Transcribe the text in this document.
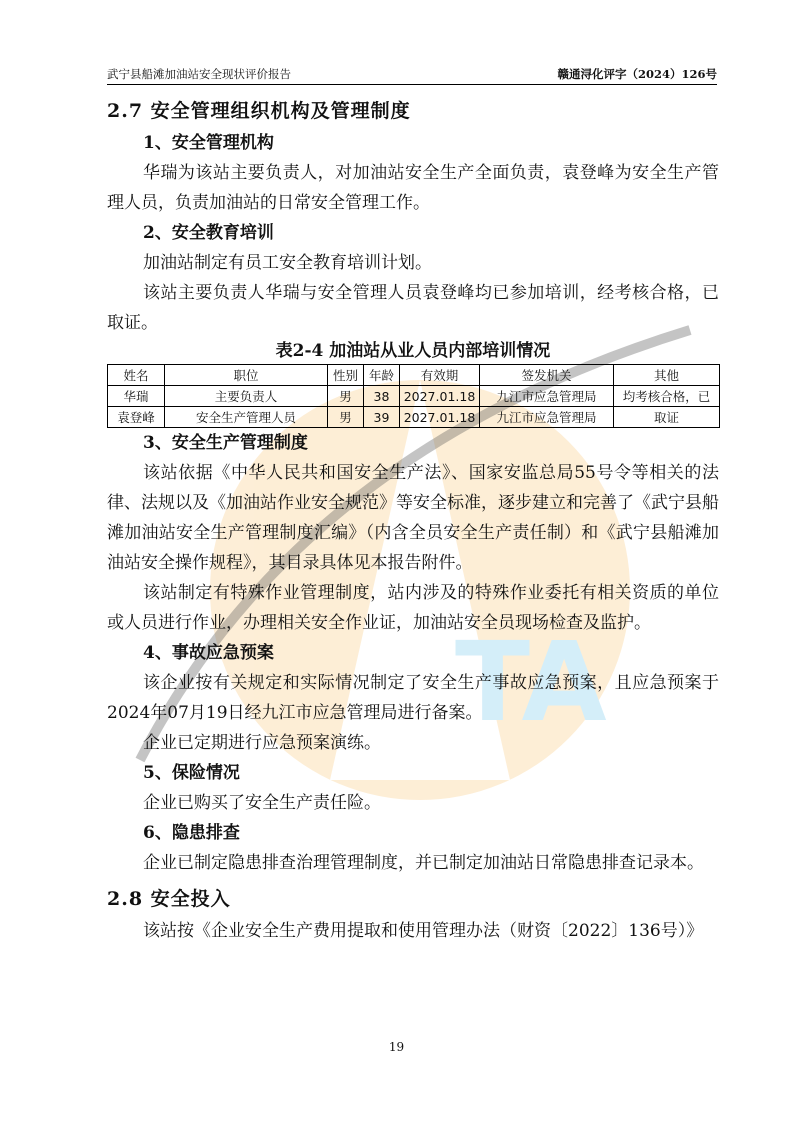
TA
武宁县船滩加油站安全现状评价报告	赣通浔化评字（2024）126号

2.7 安全管理组织机构及管理制度

1、安全管理机构

华瑞为该站主要负责人，对加油站安全生产全面负责，袁登峰为安全生产管理人员，负责加油站的日常安全管理工作。

2、安全教育培训

加油站制定有员工安全教育培训计划。

该站主要负责人华瑞与安全管理人员袁登峰均已参加培训，经考核合格，已取证。

表2-4 加油站从业人员内部培训情况

姓名	职位	性别	年龄	有效期	签发机关	其他
华瑞	主要负责人	男	38	2027.01.18	九江市应急管理局	均考核合格，已
袁登峰	安全生产管理人员	男	39	2027.01.18	九江市应急管理局	取证

3、安全生产管理制度

该站依据《中华人民共和国安全生产法》、国家安监总局55号令等相关的法律、法规以及《加油站作业安全规范》等安全标准，逐步建立和完善了《武宁县船滩加油站安全生产管理制度汇编》（内含全员安全生产责任制）和《武宁县船滩加油站安全操作规程》，其目录具体见本报告附件。

该站制定有特殊作业管理制度，站内涉及的特殊作业委托有相关资质的单位或人员进行作业，办理相关安全作业证，加油站安全员现场检查及监护。

4、事故应急预案

该企业按有关规定和实际情况制定了安全生产事故应急预案，且应急预案于2024年07月19日经九江市应急管理局进行备案。

企业已定期进行应急预案演练。

5、保险情况

企业已购买了安全生产责任险。

6、隐患排查

企业已制定隐患排查治理管理制度，并已制定加油站日常隐患排查记录本。

2.8 安全投入

该站按《企业安全生产费用提取和使用管理办法（财资〔2022〕136号）》

19
